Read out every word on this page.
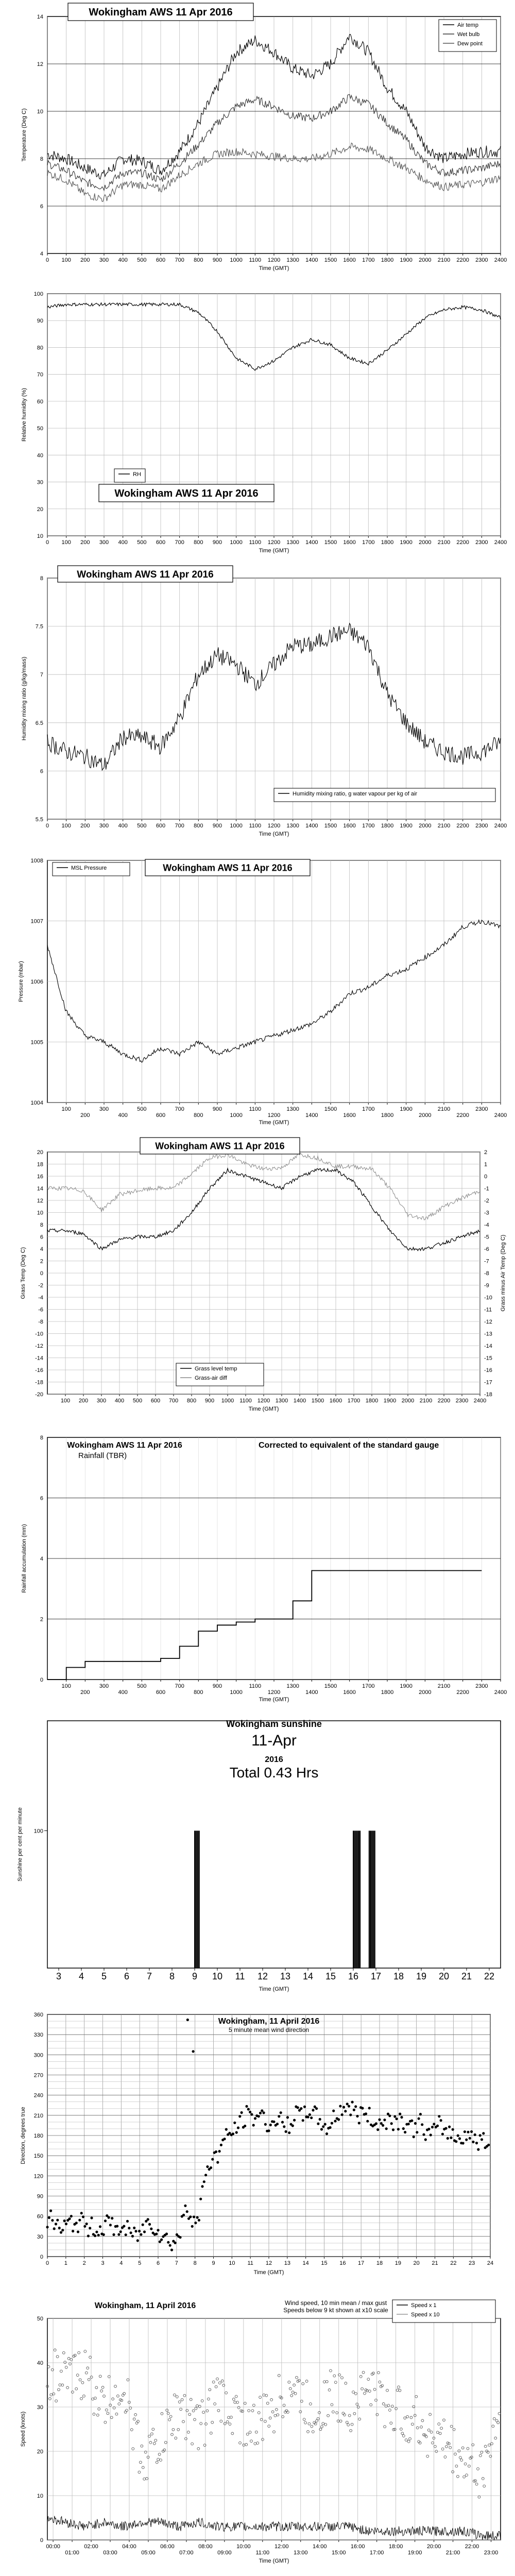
0 100 200 300 400 500 600 700 800 900 1000 1100 1200 1300 1400 1500 1600 1700 1800 1900 2000 2100 2200 2300 2400
4
6
8
10
12
14
Temperature (Deg C)
Time (GMT)
Wokingham AWS 11 Apr 2016
Air temp
Wet bulb
Dew point
0 100 200 300 400 500 600 700 800 900 1000 1100 1200 1300 1400 1500 1600 1700 1800 1900 2000 2100 2200 2300 2400
10
20
30
40
50
60
70
80
90
100
Relative humidity (%)
Time (GMT)
RH
Wokingham AWS 11 Apr 2016
0 100 200 300 400 500 600 700 800 900 1000 1100 1200 1300 1400 1500 1600 1700 1800 1900 2000 2100 2200 2300 2400
5.5
6
6.5
7
7.5
8
Humidity mixing ratio (g/kg/mass)
Time (GMT)
Wokingham AWS 11 Apr 2016
Humidity mixing ratio, g water vapour per kg of air
100
200
300
400
500
600
700
800
900
1000
1100
1200
1300
1400
1500
1600
1700
1800
1900
2000
2100
2200
2300
2400
1004
1005
1006
1007
1008
Pressure (mbar)
Time (GMT)
MSL Pressure	Wokingham AWS 11 Apr 2016
100 200 300 400 500 600 700 800 900 1000 1100 1200 1300 1400 1500 1600 1700 1800 1900 2000 2100 2200 2300 2400
-20
-18
-16
-14
-12
-10
-8
-6
-4
-2
0
2
4
6
8
10
12
14
16
18
20
-18
-17
-16
-15
-14
-13
-12
-11
-10
-9
-8
-7
-6
-5
-4
-3
-2
-1
0
1
2
Grass Temp (Deg C)	Grass minus Air Temp (Deg C)
Time (GMT)
Wokingham AWS 11 Apr 2016
Grass level temp
Grass-air diff
100
200
300
400
500
600
700
800
900
1000
1100
1200
1300
1400
1500
1600
1700
1800
1900
2000
2100
2200
2300
2400
0
2
4
6
8
Rainfall accumulation (mm)
Time (GMT)
Wokingham AWS 11 Apr 2016	Corrected to equivalent of the standard gauge
Rainfall (TBR)
3 4 5 6 7 8 9 10 11 12 13 14 15 16 17 18 19 20 21 22
100
Sunshine per cent per minute
Time (GMT)
Wokingham sunshine
11-Apr
2016
Total 0.43 Hrs
0	1	2	3	4	5	6	7	8	9 10 11 12 13 14 15 16 17 18 19 20 21 22 23 24
0
30
60
90
120
150
180
210
240
270
300
330
360
Direction, degrees true
Time (GMT)
Wokingham, 11 April 2016
5 minute mean wind direction
00:00
01:00
02:00
03:00
04:00
05:00
06:00
07:00
08:00
09:00
10:00
11:00
12:00
13:00
14:00
15:00
16:00
17:00
18:00
19:00
20:00
21:00
22:00
23:00
0
10
20
30
40
50
Speed (knots)
Time (GMT)
Wokingham, 11 April 2016	Wind speed, 10 min mean / max gust
Speeds below 9 kt shown at x10 scale
Speed x 1
Speed x 10
